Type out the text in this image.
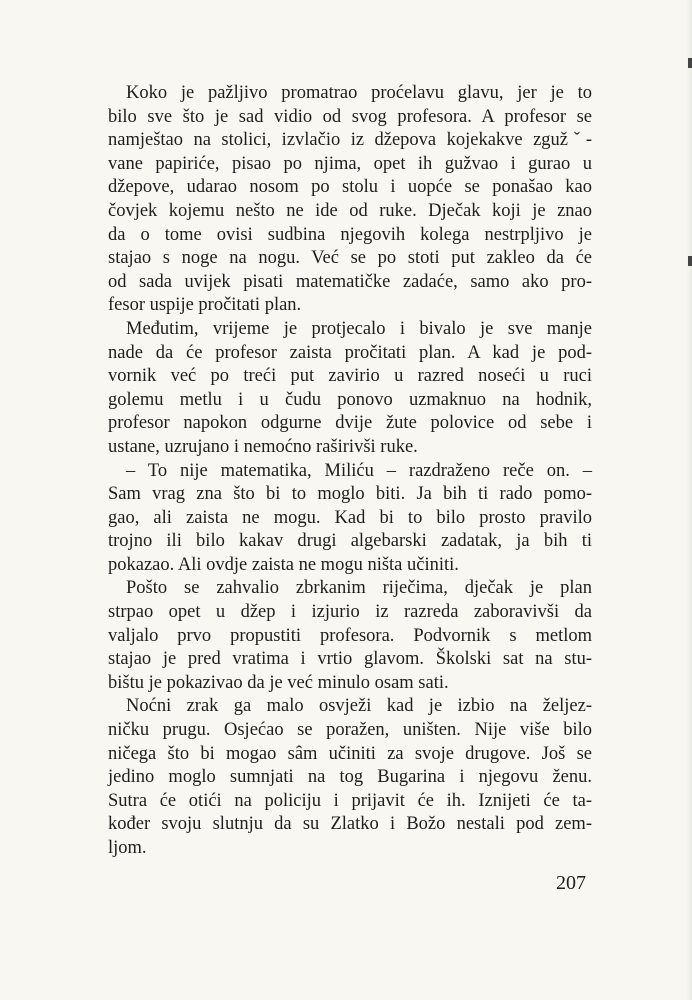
Koko je pažljivo promatrao proćelavu glavu, jer je to
bilo sve što je sad vidio od svog profesora. A profesor se
namještao na stolici, izvlačio iz džepova kojekakve zgužˇ-
vane papiriće, pisao po njima, opet ih gužvao i gurao u
džepove, udarao nosom po stolu i uopće se ponašao kao
čovjek kojemu nešto ne ide od ruke. Dječak koji je znao
da o tome ovisi sudbina njegovih kolega nestrpljivo je
stajao s noge na nogu. Već se po stoti put zakleo da će
od sada uvijek pisati matematičke zadaće, samo ako pro-
fesor uspije pročitati plan.
Međutim, vrijeme je protjecalo i bivalo je sve manje
nade da će profesor zaista pročitati plan. A kad je pod-
vornik već po treći put zavirio u razred noseći u ruci
golemu metlu i u čudu ponovo uzmaknuo na hodnik,
profesor napokon odgurne dvije žute polovice od sebe i
ustane, uzrujano i nemoćno raširivši ruke.
– To nije matematika, Miliću – razdraženo reče on. –
Sam vrag zna što bi to moglo biti. Ja bih ti rado pomo-
gao, ali zaista ne mogu. Kad bi to bilo prosto pravilo
trojno ili bilo kakav drugi algebarski zadatak, ja bih ti
pokazao. Ali ovdje zaista ne mogu ništa učiniti.
Pošto se zahvalio zbrkanim riječima, dječak je plan
strpao opet u džep i izjurio iz razreda zaboravivši da
valjalo prvo propustiti profesora. Podvornik s metlom
stajao je pred vratima i vrtio glavom. Školski sat na stu-
bištu je pokazivao da je već minulo osam sati.
Noćni zrak ga malo osvježi kad je izbio na željez-
ničku prugu. Osjećao se poražen, uništen. Nije više bilo
ničega što bi mogao sâm učiniti za svoje drugove. Još se
jedino moglo sumnjati na tog Bugarina i njegovu ženu.
Sutra će otići na policiju i prijavit će ih. Iznijeti će ta-
kođer svoju slutnju da su Zlatko i Božo nestali pod zem-
ljom.
207
